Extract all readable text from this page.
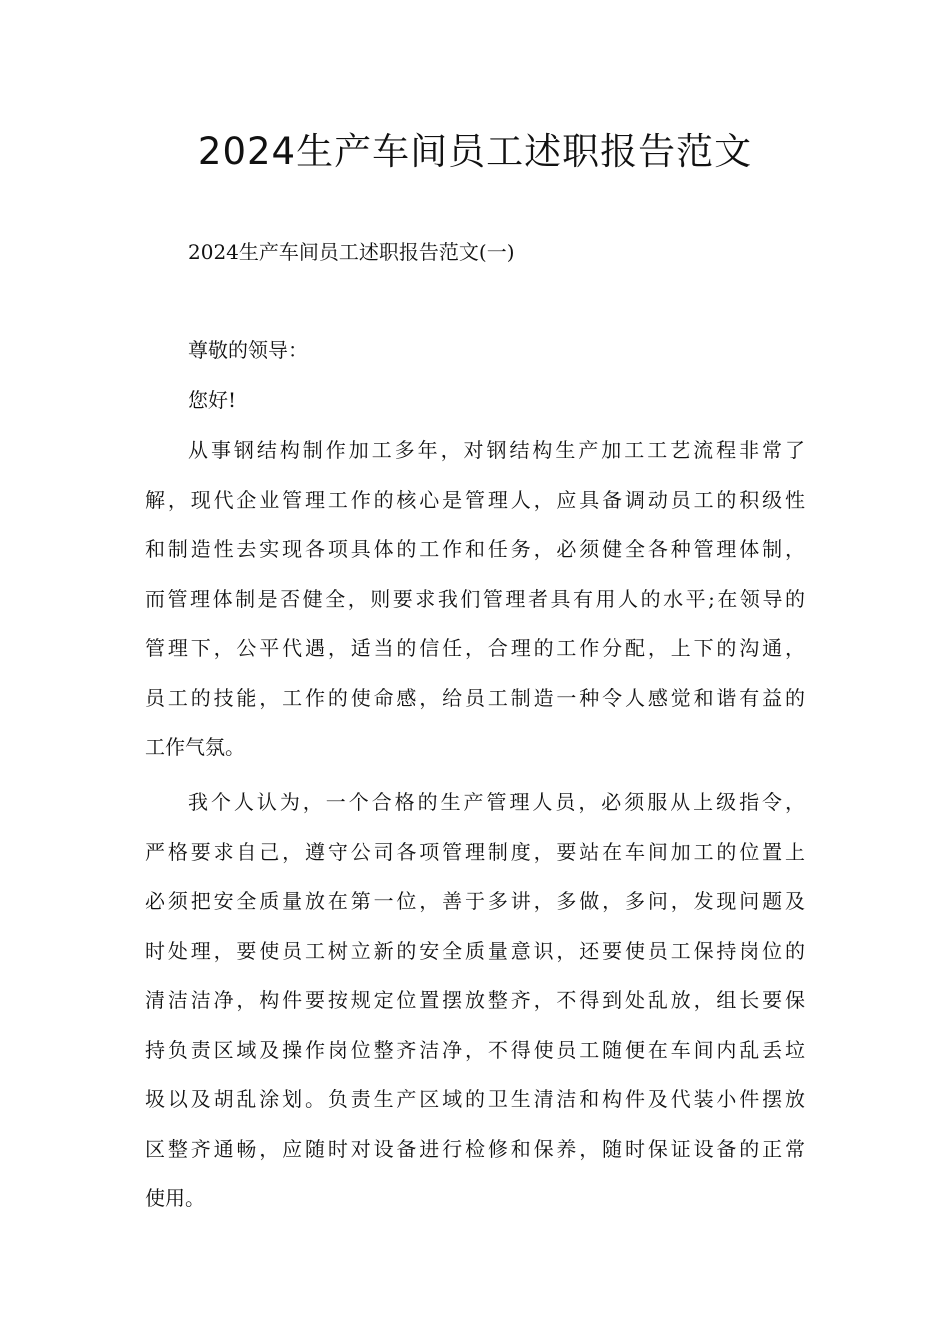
2024生产车间员工述职报告范文
2024生产车间员工述职报告范文(一)
尊敬的领导：
您好!
从事钢结构制作加工多年，对钢结构生产加工工艺流程非常了
解，现代企业管理工作的核心是管理人，应具备调动员工的积级性
和制造性去实现各项具体的工作和任务，必须健全各种管理体制，
而管理体制是否健全，则要求我们管理者具有用人的水平;在领导的
管理下，公平代遇，适当的信任，合理的工作分配，上下的沟通，
员工的技能，工作的使命感，给员工制造一种令人感觉和谐有益的
工作气氛。
我个人认为，一个合格的生产管理人员，必须服从上级指令，
严格要求自己，遵守公司各项管理制度，要站在车间加工的位置上
必须把安全质量放在第一位，善于多讲，多做，多问，发现问题及
时处理，要使员工树立新的安全质量意识，还要使员工保持岗位的
清洁洁净，构件要按规定位置摆放整齐，不得到处乱放，组长要保
持负责区域及操作岗位整齐洁净，不得使员工随便在车间内乱丢垃
圾以及胡乱涂划。负责生产区域的卫生清洁和构件及代装小件摆放
区整齐通畅，应随时对设备进行检修和保养，随时保证设备的正常
使用。
